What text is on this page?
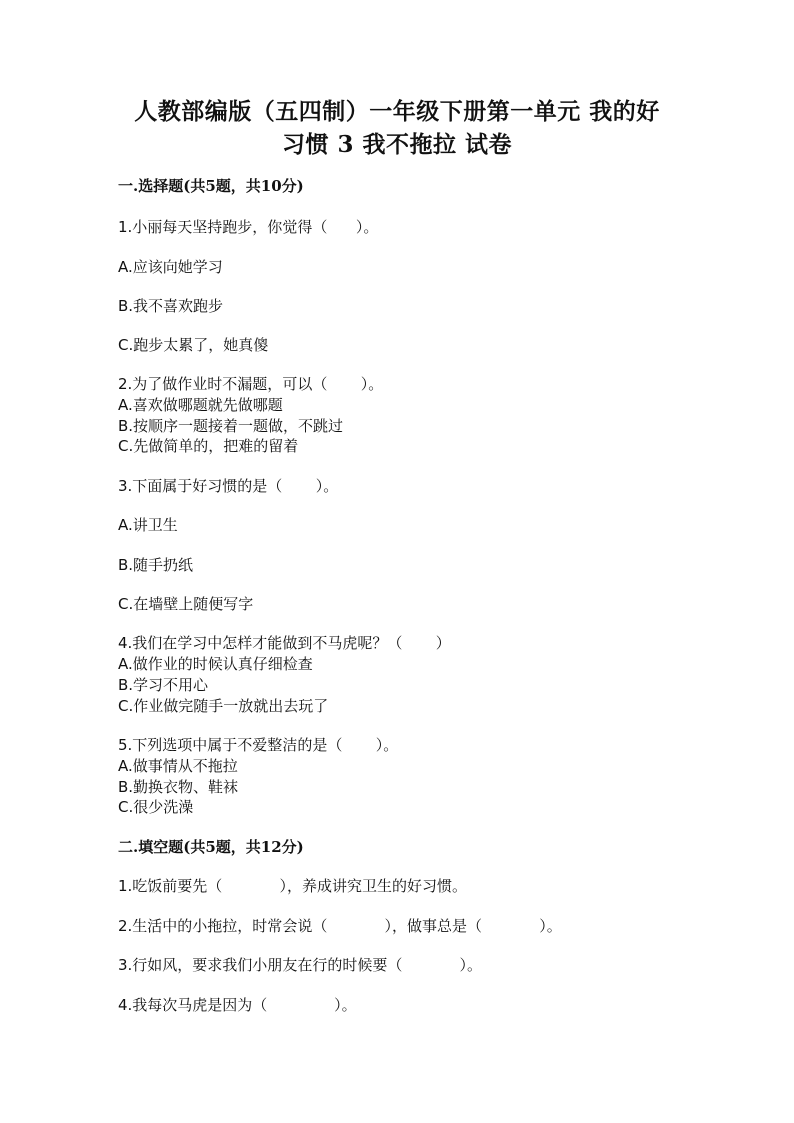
人教部编版（五四制）一年级下册第一单元 我的好
习惯 3 我不拖拉 试卷
一.选择题(共5题，共10分)
1.小丽每天坚持跑步，你觉得（      ）。
A.应该向她学习
B.我不喜欢跑步
C.跑步太累了，她真傻
2.为了做作业时不漏题，可以（       ）。
A.喜欢做哪题就先做哪题
B.按顺序一题接着一题做，不跳过
C.先做简单的，把难的留着
3.下面属于好习惯的是（       ）。
A.讲卫生
B.随手扔纸
C.在墙壁上随便写字
4.我们在学习中怎样才能做到不马虎呢？（       ）
A.做作业的时候认真仔细检查
B.学习不用心
C.作业做完随手一放就出去玩了
5.下列选项中属于不爱整洁的是（       ）。
A.做事情从不拖拉
B.勤换衣物、鞋袜
C.很少洗澡
二.填空题(共5题，共12分)
1.吃饭前要先（            ），养成讲究卫生的好习惯。
2.生活中的小拖拉，时常会说（            ），做事总是（            ）。
3.行如风，要求我们小朋友在行的时候要（            ）。
4.我每次马虎是因为（              ）。
